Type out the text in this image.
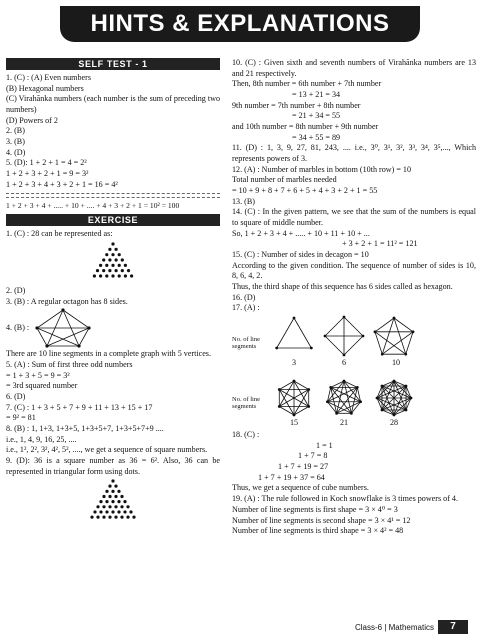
HINTS & EXPLANATIONS
SELF TEST - 1
1. (C) : (A) Even numbers
(B) Hexagonal numbers
(C) Virahānka numbers (each number is the sum of preceding two numbers)
(D) Powers of 2
2. (B)
3. (B)
4. (D)
5. (D): 1 + 2 + 1 = 4 = 2²
1 + 2 + 3 + 2 + 1 = 9 = 3²
1 + 2 + 3 + 4 + 3 + 2 + 1 = 16 = 4²
1 + 2 + 3 + 4 + ..... + 10 + .... + 4 + 3 + 2 + 1 = 10² = 100
EXERCISE
1. (C) : 28 can be represented as:
2. (D)
3. (B) : A regular octagon has 8 sides.
4. (B) :
There are 10 line segments in a complete graph with 5 vertices.
5. (A) : Sum of first three odd numbers
= 1 + 3 + 5 = 9 = 3²
= 3rd squared number
6. (D)
7. (C) : 1 + 3 + 5 + 7 + 9 + 11 + 13 + 15 + 17
= 9² = 81
8. (B) : 1, 1+3, 1+3+5, 1+3+5+7, 1+3+5+7+9 ....
i.e., 1, 4, 9, 16, 25, ....
i.e., 1², 2², 3², 4², 5², ...., we get a sequence of square numbers.
9. (D): 36 is a square number as 36 = 6². Also, 36 can be represented in triangular form using dots.
10. (C) : Given sixth and seventh numbers of Virahānka numbers are 13 and 21 respectively.
Then, 8th number = 6th number + 7th number
= 13 + 21 = 34
9th number = 7th number + 8th number
= 21 + 34 = 55
and 10th number = 8th number + 9th number
= 34 + 55 = 89
11. (D) : 1, 3, 9, 27, 81, 243, .... i.e., 3⁰, 3¹, 3², 3³, 3⁴, 3⁵,..., Which represents powers of 3.
12. (A) : Number of marbles in bottom (10th row) = 10
Total number of marbles needed
= 10 + 9 + 8 + 7 + 6 + 5 + 4 + 3 + 2 + 1 = 55
13. (B)
14. (C) : In the given pattern, we see that the sum of the numbers is equal to square of middle number.
So, 1 + 2 + 3 + 4 + ..... + 10 + 11 + 10 + ...
+ 3 + 2 + 1 = 11² = 121
15. (C) : Number of sides in decagon = 10
According to the given condition. The sequence of number of sides is 10, 8, 6, 4, 2.
Thus, the third shape of this sequence has 6 sides called as hexagon.
16. (D)
17. (A) :
No. of line segments
No. of line segments
3	6	10
15	21	28
18. (C) :
1 = 1
1 + 7 = 8
1 + 7 + 19 = 27
1 + 7 + 19 + 37 = 64
Thus, we get a sequence of cube numbers.
19. (A) : The rule followed in Koch snowflake is 3 times powers of 4.
Number of line segments is first shape = 3 × 4⁰ = 3
Number of line segments is second shape = 3 × 4¹ = 12
Number of line segments is third shape = 3 × 4² = 48
Class-6 | Mathematics	7
